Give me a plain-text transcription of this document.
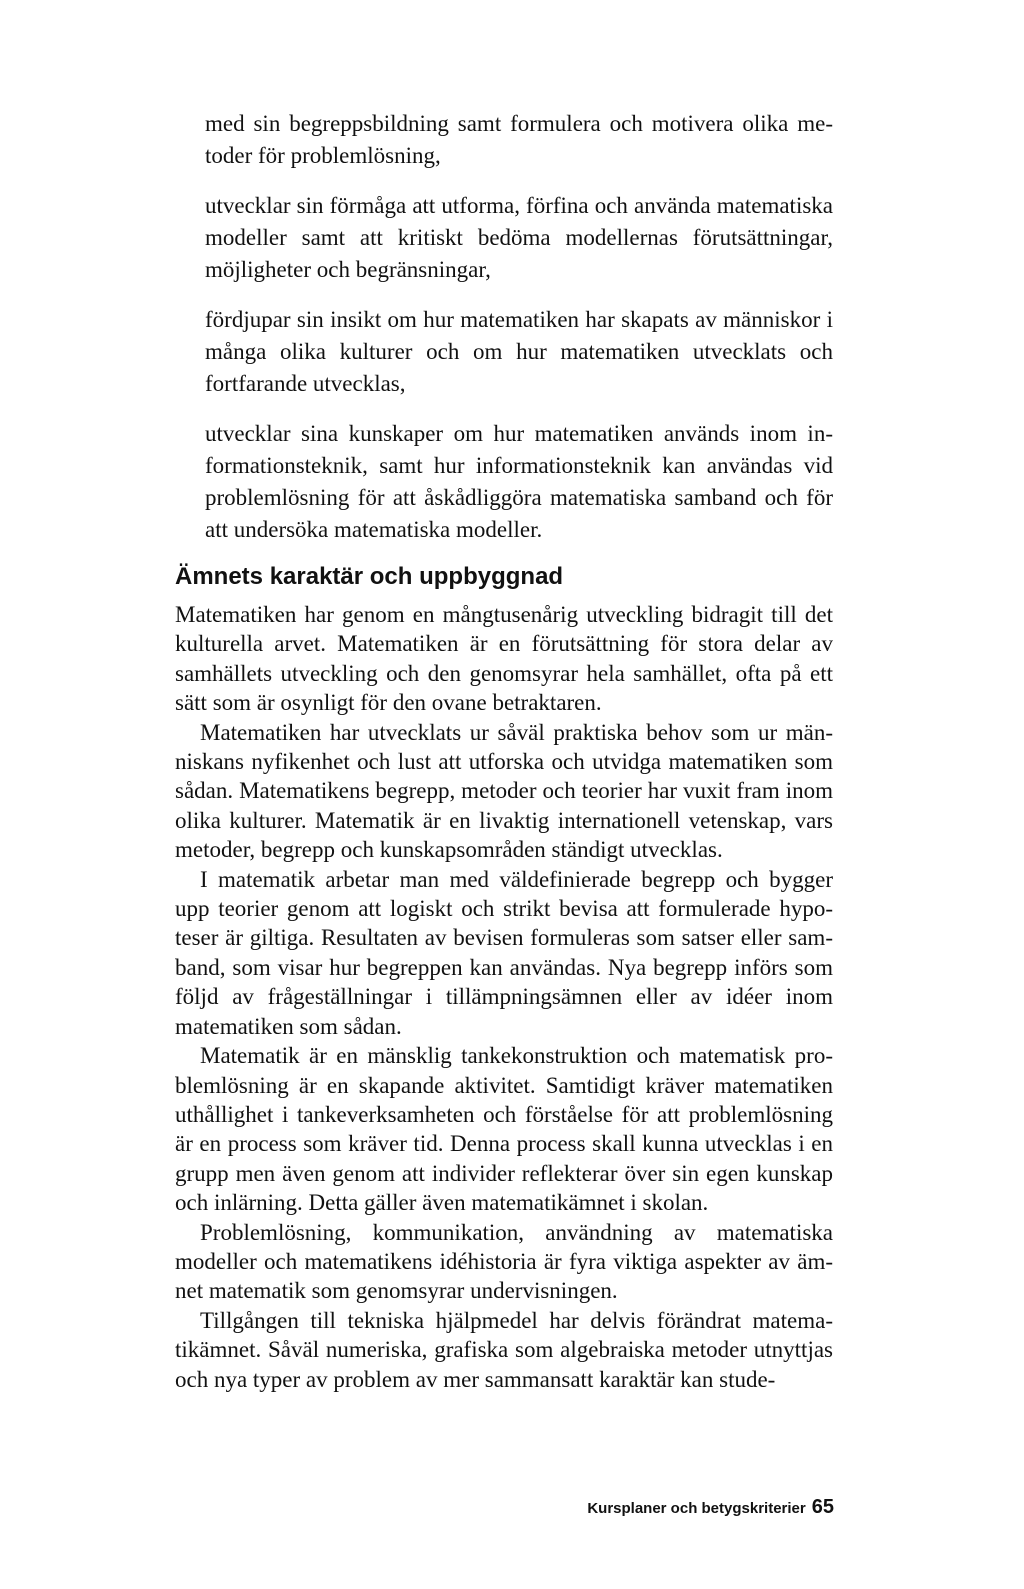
med sin begreppsbildning samt formulera och motivera olika metoder för problemlösning,

utvecklar sin förmåga att utforma, förfina och använda matematiska modeller samt att kritiskt bedöma modellernas förutsättningar, möjligheter och begränsningar,

fördjupar sin insikt om hur matematiken har skapats av människor i många olika kulturer och om hur matematiken utvecklats och fortfarande utvecklas,

utvecklar sina kunskaper om hur matematiken används inom informationsteknik, samt hur informationsteknik kan användas vid problemlösning för att åskådliggöra matematiska samband och för att undersöka matematiska modeller.

Ämnets karaktär och uppbyggnad

Matematiken har genom en mångtusenårig utveckling bidragit till det kulturella arvet. Matematiken är en förutsättning för stora delar av samhällets utveckling och den genomsyrar hela samhället, ofta på ett sätt som är osynligt för den ovane betraktaren.

Matematiken har utvecklats ur såväl praktiska behov som ur människans nyfikenhet och lust att utforska och utvidga matematiken som sådan. Matematikens begrepp, metoder och teorier har vuxit fram inom olika kulturer. Matematik är en livaktig internationell vetenskap, vars metoder, begrepp och kunskapsområden ständigt utvecklas.

I matematik arbetar man med väldefinierade begrepp och bygger upp teorier genom att logiskt och strikt bevisa att formulerade hypoteser är giltiga. Resultaten av bevisen formuleras som satser eller samband, som visar hur begreppen kan användas. Nya begrepp införs som följd av frågeställningar i tillämpningsämnen eller av idéer inom matematiken som sådan.

Matematik är en mänsklig tankekonstruktion och matematisk problemlösning är en skapande aktivitet. Samtidigt kräver matematiken uthållighet i tankeverksamheten och förståelse för att problemlösning är en process som kräver tid. Denna process skall kunna utvecklas i en grupp men även genom att individer reflekterar över sin egen kunskap och inlärning. Detta gäller även matematikämnet i skolan.

Problemlösning, kommunikation, användning av matematiska modeller och matematikens idéhistoria är fyra viktiga aspekter av ämnet matematik som genomsyrar undervisningen.

Tillgången till tekniska hjälpmedel har delvis förändrat matematikämnet. Såväl numeriska, grafiska som algebraiska metoder utnyttjas och nya typer av problem av mer sammansatt karaktär kan stude-

Kursplaner och betygskriterier 65
